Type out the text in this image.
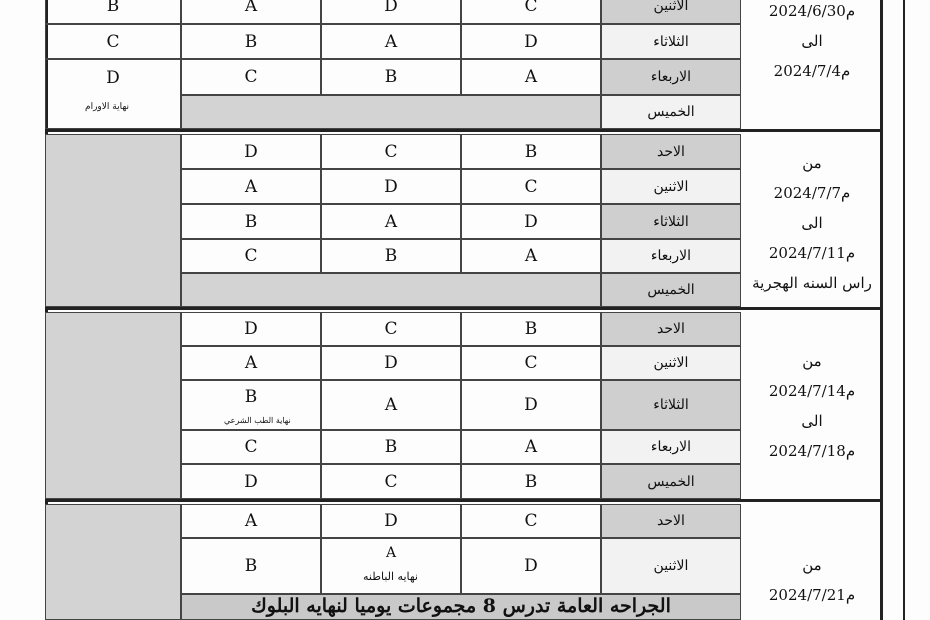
الاثنين
C
D
A
B
الثلاثاء
D
A
B
C
الاربعاء
A
B
C
D
نهاية الاورام	الخميس
2024/6/30م
الى
2024/7/4م
الاحد
B
C
D
الاثنين
C
D
A
الثلاثاء
D
A
B
الاربعاء
A
B
C
الخميس
من
2024/7/7م
الى
2024/7/11م
راس السنه الهجرية
الاحد
B
C
D
الاثنين
C
D
A
الثلاثاء
D
A
B
نهاية الطب الشرعي
الاربعاء
A
B
C
الخميس
B
C
D
من
2024/7/14م
الى
2024/7/18م
الاحد
C
D
A
الاثنين
D
A
نهايه الباطنه
B
الجراحه العامة تدرس 8 مجموعات يوميا لنهايه البلوك
من
2024/7/21م
